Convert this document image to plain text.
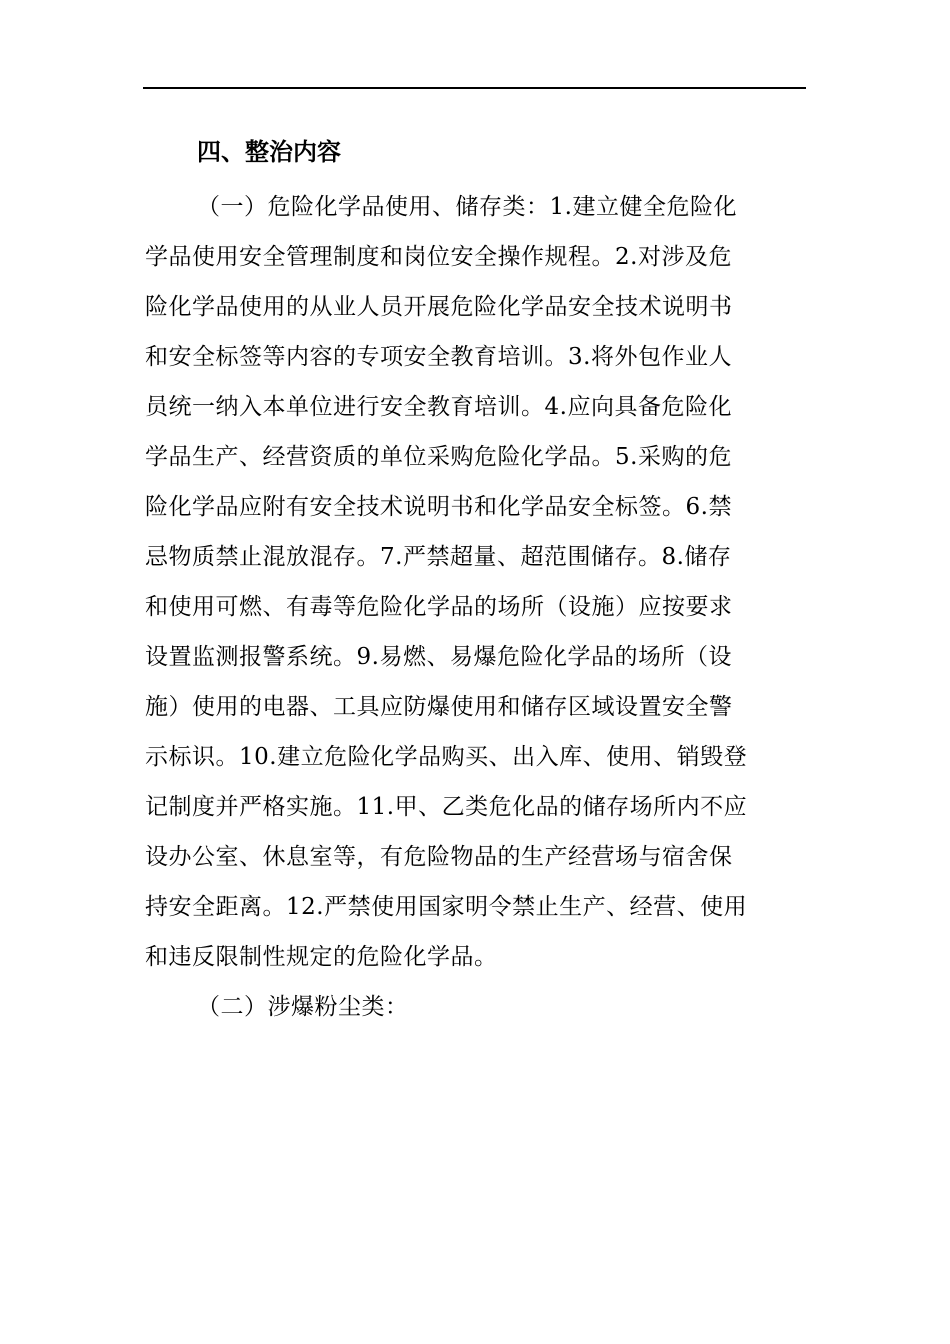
四、整治内容

（一）危险化学品使用、储存类：1.建立健全危险化
学品使用安全管理制度和岗位安全操作规程。2.对涉及危
险化学品使用的从业人员开展危险化学品安全技术说明书
和安全标签等内容的专项安全教育培训。3.将外包作业人
员统一纳入本单位进行安全教育培训。4.应向具备危险化
学品生产、经营资质的单位采购危险化学品。5.采购的危
险化学品应附有安全技术说明书和化学品安全标签。6.禁
忌物质禁止混放混存。7.严禁超量、超范围储存。8.储存
和使用可燃、有毒等危险化学品的场所（设施）应按要求
设置监测报警系统。9.易燃、易爆危险化学品的场所（设
施）使用的电器、工具应防爆使用和储存区域设置安全警
示标识。10.建立危险化学品购买、出入库、使用、销毁登
记制度并严格实施。11.甲、乙类危化品的储存场所内不应
设办公室、休息室等，有危险物品的生产经营场与宿舍保
持安全距离。12.严禁使用国家明令禁止生产、经营、使用
和违反限制性规定的危险化学品。

（二）涉爆粉尘类：
